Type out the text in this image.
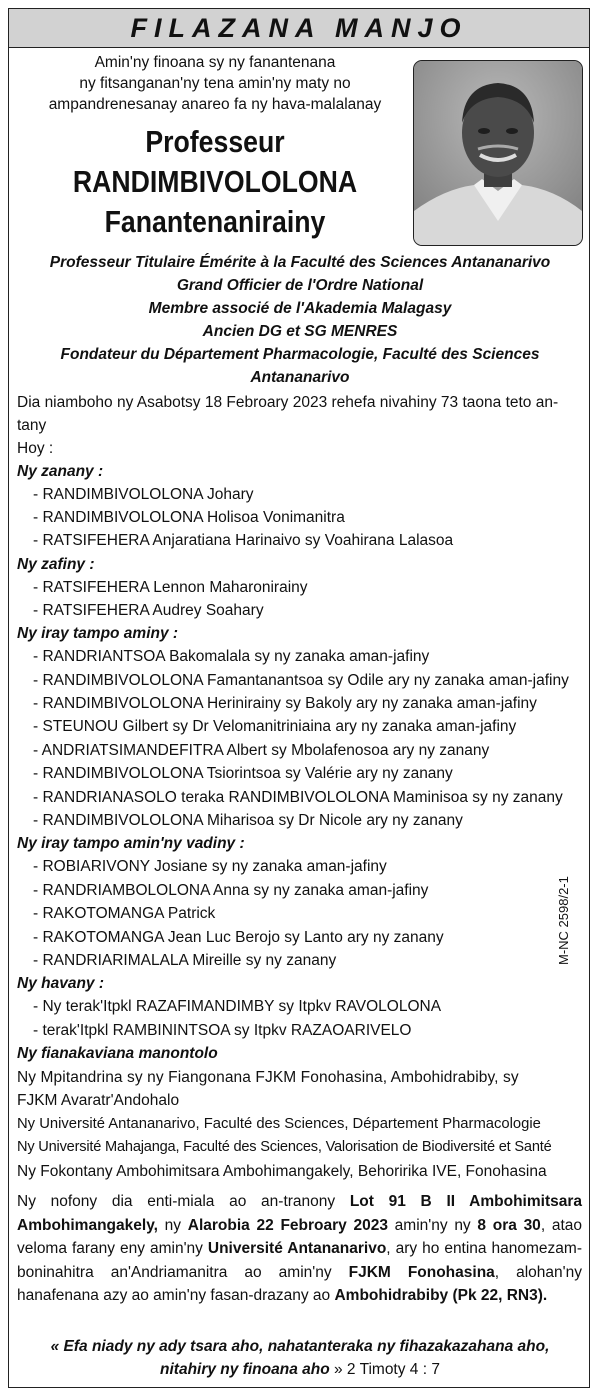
FILAZANA MANJO
Amin'ny finoana sy ny fanantenana
ny fitsanganan'ny tena amin'ny maty no
ampandrenesanay anareo fa ny hava-malalanay
Professeur
RANDIMBIVOLOLONA
Fanantenanirainy
Professeur Titulaire Émérite à la Faculté des Sciences Antananarivo
Grand Officier de l'Ordre National
Membre associé de l'Akademia Malagasy
Ancien DG et SG MENRES
Fondateur du Département Pharmacologie, Faculté des Sciences
Antananarivo
Dia niamboho ny Asabotsy 18 Febroary 2023 rehefa nivahiny 73 taona teto an-
tany
Hoy :
Ny zanany :
- RANDIMBIVOLOLONA Johary
- RANDIMBIVOLOLONA Holisoa Vonimanitra
- RATSIFEHERA Anjaratiana Harinaivo sy Voahirana Lalasoa
Ny zafiny :
- RATSIFEHERA Lennon Maharonirainy
- RATSIFEHERA Audrey Soahary
Ny iray tampo aminy :
- RANDRIANTSOA Bakomalala sy ny zanaka aman-jafiny
- RANDIMBIVOLOLONA Famantanantsoa sy Odile ary ny zanaka aman-jafiny
- RANDIMBIVOLOLONA Herinirainy sy Bakoly ary ny zanaka aman-jafiny
- STEUNOU Gilbert sy Dr Velomanitriniaina ary ny zanaka aman-jafiny
- ANDRIATSIMANDEFITRA Albert sy Mbolafenosoa ary ny zanany
- RANDIMBIVOLOLONA Tsiorintsoa sy Valérie ary ny zanany
- RANDRIANASOLO teraka RANDIMBIVOLOLONA Maminisoa sy ny zanany
- RANDIMBIVOLOLONA Miharisoa sy Dr Nicole ary ny zanany
Ny iray tampo amin'ny vadiny :
- ROBIARIVONY Josiane sy ny zanaka aman-jafiny
- RANDRIAMBOLOLONA Anna sy ny zanaka aman-jafiny
- RAKOTOMANGA Patrick
- RAKOTOMANGA Jean Luc Berojo sy Lanto ary ny zanany
- RANDRIARIMALALA Mireille sy ny zanany
Ny havany :
- Ny terak'Itpkl RAZAFIMANDIMBY sy Itpkv RAVOLOLONA
- terak'Itpkl RAMBININTSOA sy Itpkv RAZAOARIVELO
Ny fianakaviana manontolo
Ny Mpitandrina sy ny Fiangonana FJKM Fonohasina, Ambohidrabiby, sy
FJKM Avaratr'Andohalo
Ny Université Antananarivo, Faculté des Sciences, Département Pharmacologie
Ny Université Mahajanga, Faculté des Sciences, Valorisation de Biodiversité et Santé
Ny Fokontany Ambohimitsara Ambohimangakely, Behoririka IVE, Fonohasina
Ny nofony dia enti-miala ao an-tranony Lot 91 B II Ambohimitsara Ambohimangakely, ny Alarobia 22 Febroary 2023 amin'ny ny 8 ora 30, atao veloma farany eny amin'ny Université Antananarivo, ary ho entina hanomezam-boninahitra an'Andriamanitra ao amin'ny FJKM Fonohasina, alohan'ny hanafenana azy ao amin'ny fasan-drazany ao Ambohidrabiby (Pk 22, RN3).
« Efa niady ny ady tsara aho, nahatanteraka ny fihazakazahana aho,
nitahiry ny finoana aho » 2 Timoty 4 : 7
M-NC 2598/2-1
